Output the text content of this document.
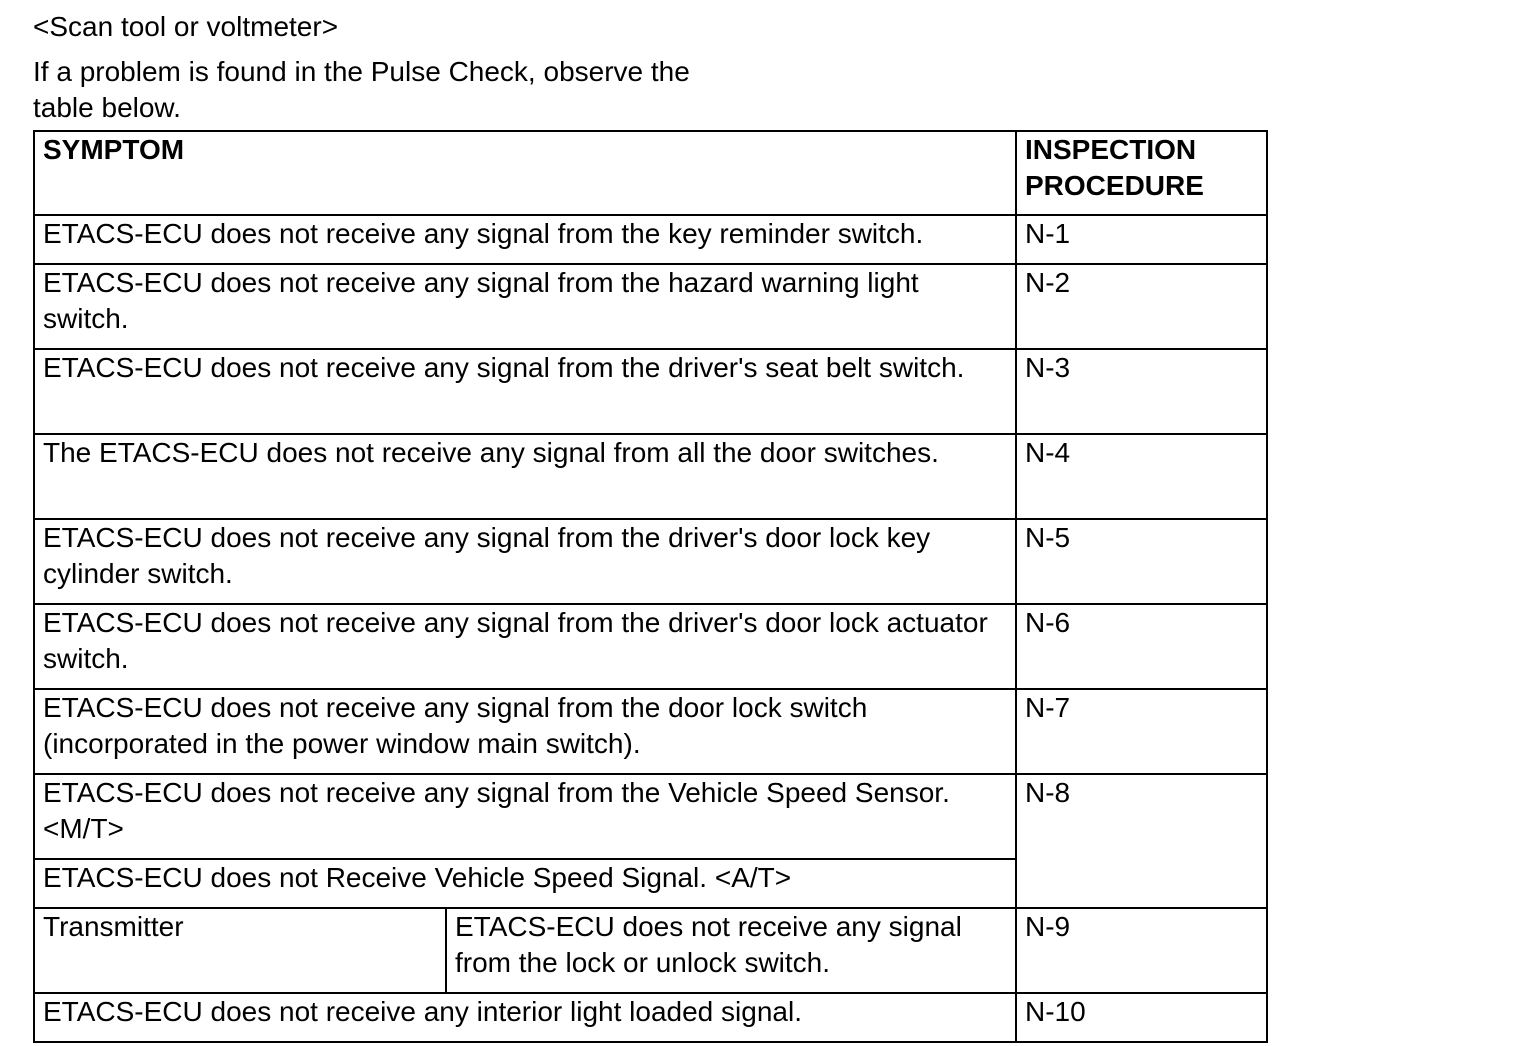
<Scan tool or voltmeter>
If a problem is found in the Pulse Check, observe the
table below.
SYMPTOM		INSPECTION
PROCEDURE
ETACS-ECU does not receive any signal from the key reminder switch.		N-1
ETACS-ECU does not receive any signal from the hazard warning light switch.		N-2
ETACS-ECU does not receive any signal from the driver's seat belt switch.		N-3
The ETACS-ECU does not receive any signal from all the door switches.		N-4
ETACS-ECU does not receive any signal from the driver's door lock key cylinder switch.		N-5
ETACS-ECU does not receive any signal from the driver's door lock actuator switch.		N-6
ETACS-ECU does not receive any signal from the door lock switch (incorporated in the power window main switch).		N-7
ETACS-ECU does not receive any signal from the Vehicle Speed Sensor. <M/T>		N-8
ETACS-ECU does not Receive Vehicle Speed Signal. <A/T>		
Transmitter	ETACS-ECU does not receive any signal from the lock or unlock switch.	N-9
ETACS-ECU does not receive any interior light loaded signal.		N-10
